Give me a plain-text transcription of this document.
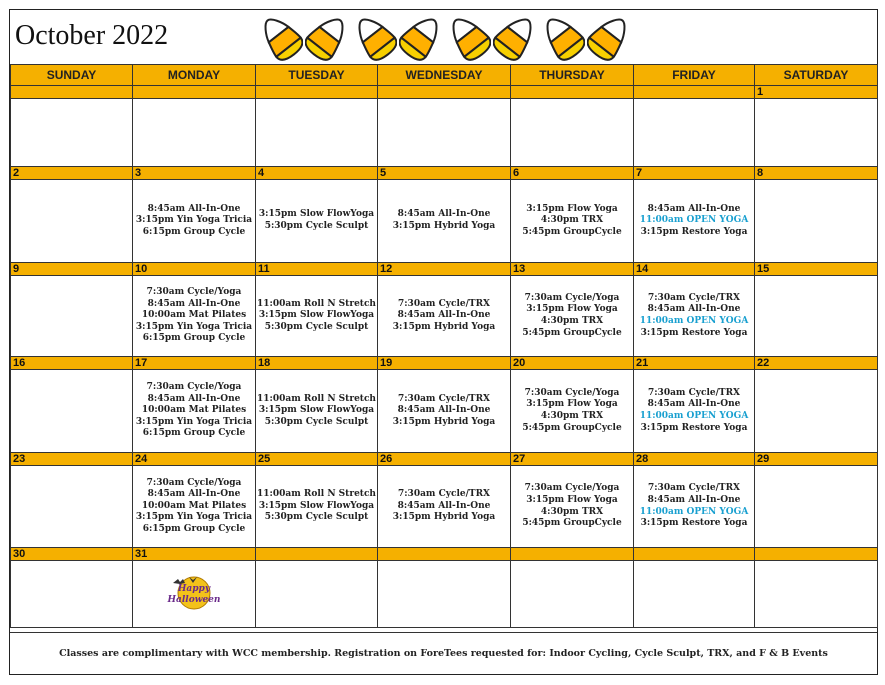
October 2022
SUNDAY	MONDAY	TUESDAY	WEDNESDAY	THURSDAY	FRIDAY	SATURDAY
						1

2	3	4	5	6	7	8

	8:45am All-In-One
3:15pm Yin Yoga Tricia
6:15pm Group Cycle	3:15pm Slow FlowYoga
5:30pm Cycle Sculpt	8:45am All-In-One
3:15pm Hybrid Yoga	3:15pm Flow Yoga
4:30pm TRX
5:45pm GroupCycle	8:45am All-In-One
11:00am OPEN YOGA
3:15pm Restore Yoga	

9	10	11	12	13	14	15

	7:30am Cycle/Yoga
8:45am All-In-One
10:00am Mat Pilates
3:15pm Yin Yoga Tricia
6:15pm Group Cycle	11:00am Roll N Stretch
3:15pm Slow FlowYoga
5:30pm Cycle Sculpt	7:30am Cycle/TRX
8:45am All-In-One
3:15pm Hybrid Yoga	7:30am Cycle/Yoga
3:15pm Flow Yoga
4:30pm TRX
5:45pm GroupCycle	7:30am Cycle/TRX
8:45am All-In-One
11:00am OPEN YOGA
3:15pm Restore Yoga	

16	17	18	19	20	21	22

	7:30am Cycle/Yoga
8:45am All-In-One
10:00am Mat Pilates
3:15pm Yin Yoga Tricia
6:15pm Group Cycle	11:00am Roll N Stretch
3:15pm Slow FlowYoga
5:30pm Cycle Sculpt	7:30am Cycle/TRX
8:45am All-In-One
3:15pm Hybrid Yoga	7:30am Cycle/Yoga
3:15pm Flow Yoga
4:30pm TRX
5:45pm GroupCycle	7:30am Cycle/TRX
8:45am All-In-One
11:00am OPEN YOGA
3:15pm Restore Yoga	

23	24	25	26	27	28	29

	7:30am Cycle/Yoga
8:45am All-In-One
10:00am Mat Pilates
3:15pm Yin Yoga Tricia
6:15pm Group Cycle	11:00am Roll N Stretch
3:15pm Slow FlowYoga
5:30pm Cycle Sculpt	7:30am Cycle/TRX
8:45am All-In-One
3:15pm Hybrid Yoga	7:30am Cycle/Yoga
3:15pm Flow Yoga
4:30pm TRX
5:45pm GroupCycle	7:30am Cycle/TRX
8:45am All-In-One
11:00am OPEN YOGA
3:15pm Restore Yoga	

30	31					

Happy
Halloween					

Classes are complimentary with WCC membership. Registration on ForeTees requested for: Indoor Cycling, Cycle Sculpt, TRX, and F & B Events
